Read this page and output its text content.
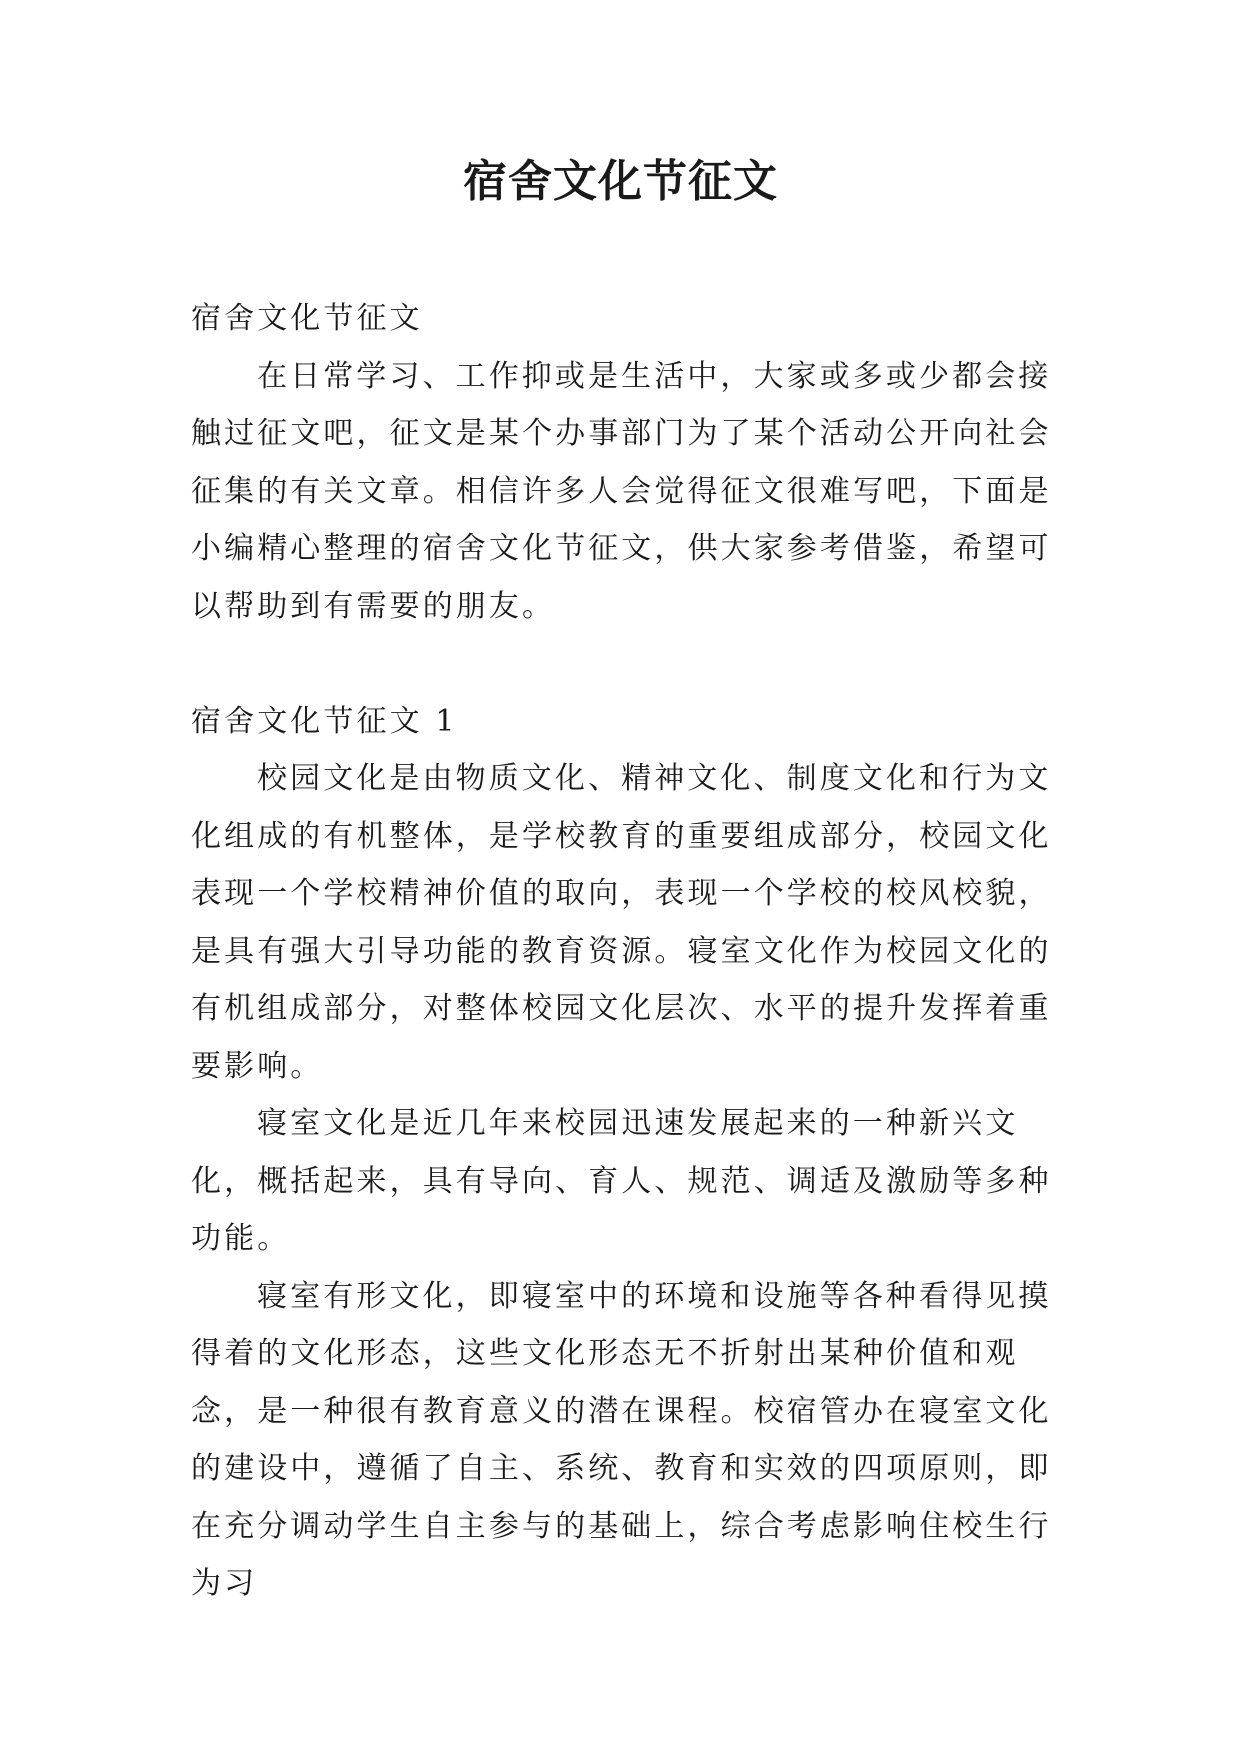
宿舍文化节征文

宿舍文化节征文

在日常学习、工作抑或是生活中，大家或多或少都会接触过征文吧，征文是某个办事部门为了某个活动公开向社会征集的有关文章。相信许多人会觉得征文很难写吧，下面是小编精心整理的宿舍文化节征文，供大家参考借鉴，希望可以帮助到有需要的朋友。

宿舍文化节征文 1

校园文化是由物质文化、精神文化、制度文化和行为文化组成的有机整体，是学校教育的重要组成部分，校园文化表现一个学校精神价值的取向，表现一个学校的校风校貌，是具有强大引导功能的教育资源。寝室文化作为校园文化的有机组成部分，对整体校园文化层次、水平的提升发挥着重要影响。

寝室文化是近几年来校园迅速发展起来的一种新兴文化，概括起来，具有导向、育人、规范、调适及激励等多种功能。

寝室有形文化，即寝室中的环境和设施等各种看得见摸得着的文化形态，这些文化形态无不折射出某种价值和观念，是一种很有教育意义的潜在课程。校宿管办在寝室文化的建设中，遵循了自主、系统、教育和实效的四项原则，即在充分调动学生自主参与的基础上，综合考虑影响住校生行为习
